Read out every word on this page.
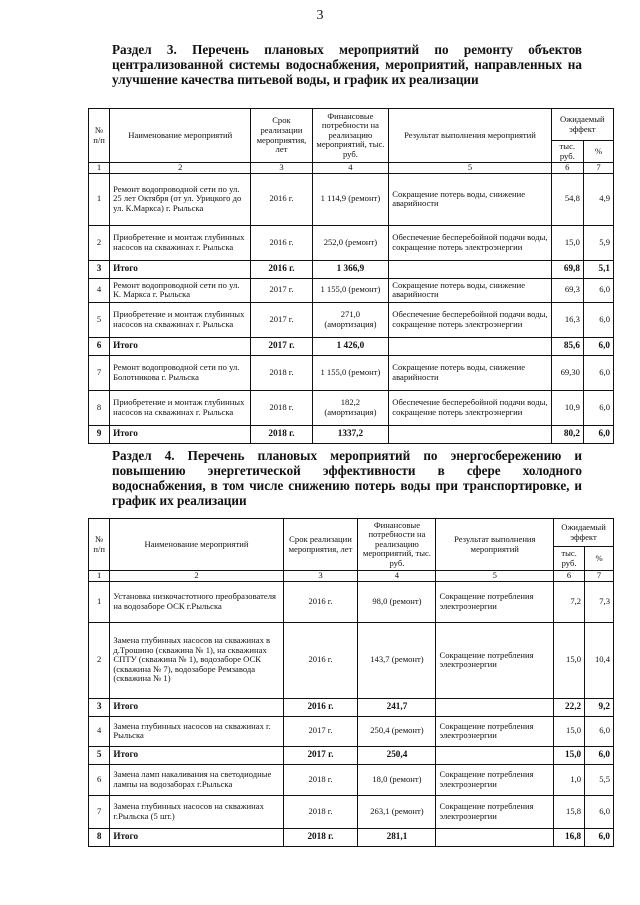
3
Раздел 3. Перечень плановых мероприятий по ремонту объектов централизованной системы водоснабжения, мероприятий, направленных на улучшение качества питьевой воды, и график их реализации
№ п/п	Наименование мероприятий	Срок реализации мероприятия, лет	Финансовые потребности на реализацию мероприятий, тыс. руб.	Результат выполнения мероприятий	Ожидаемый эффект	
					тыс. руб.	%
1	2	3	4	5	6	7
1	Ремонт водопроводной сети по ул. 25 лет Октября (от ул. Урицкого до ул. К.Маркса) г. Рыльска	2016 г.	1 114,9 (ремонт)	Сокращение потерь воды, снижение аварийности	54,8	4,9
2	Приобретение и монтаж глубинных насосов на скважинах г. Рыльска	2016 г.	252,0 (ремонт)	Обеспечение бесперебойной подачи воды, сокращение потерь электроэнергии	15,0	5,9
3	Итого	2016 г.	1 366,9		69,8	5,1
4	Ремонт водопроводной сети по ул. К. Маркса г. Рыльска	2017 г.	1 155,0 (ремонт)	Сокращение потерь воды, снижение аварийности	69,3	6,0
5	Приобретение и монтаж глубинных насосов на скважинах г. Рыльска	2017 г.	271,0 (амортизация)	Обеспечение бесперебойной подачи воды, сокращение потерь электроэнергии	16,3	6,0
6	Итого	2017 г.	1 426,0		85,6	6,0
7	Ремонт водопроводной сети по ул. Болотникова г. Рыльска	2018 г.	1 155,0 (ремонт)	Сокращение потерь воды, снижение аварийности	69,30	6,0
8	Приобретение и монтаж глубинных насосов на скважинах г. Рыльска	2018 г.	182,2 (амортизация)	Обеспечение бесперебойной подачи воды, сокращение потерь электроэнергии	10,9	6,0
9	Итого	2018 г.	1337,2		80,2	6,0
Раздел 4. Перечень плановых мероприятий по энергосбережению и повышению энергетической эффективности в сфере холодного водоснабжения, в том числе снижению потерь воды при транспортировке, и график их реализации
№ п/п	Наименование мероприятий	Срок реализации мероприятия, лет	Финансовые потребности на реализацию мероприятий, тыс. руб.	Результат выполнения мероприятий	Ожидаемый эффект	
					тыс. руб.	%
1	2	3	4	5	6	7
1	Установка низкочастотного преобразователя на водозаборе ОСК г.Рыльска	2016 г.	98,0 (ремонт)	Сокращение потребления электроэнергии	7,2	7,3
2	Замена глубинных насосов на скважинах в д.Трошино (скважина № 1), на скважинах СПТУ (скважина № 1), водозаборе ОСК (скважина № 7), водозаборе Ремзавода (скважина № 1)	2016 г.	143,7 (ремонт)	Сокращение потребления электроэнергии	15,0	10,4
3	Итого	2016 г.	241,7		22,2	9,2
4	Замена глубинных насосов на скважинах г. Рыльска	2017 г.	250,4 (ремонт)	Сокращение потребления электроэнергии	15,0	6,0
5	Итого	2017 г.	250,4		15,0	6,0
6	Замена ламп накаливания на светодиодные лампы на водозаборах г.Рыльска	2018 г.	18,0 (ремонт)	Сокращение потребления электроэнергии	1,0	5,5
7	Замена глубинных насосов на скважинах г.Рыльска (5 шт.)	2018 г.	263,1 (ремонт)	Сокращение потребления электроэнергии	15,8	6,0
8	Итого	2018 г.	281,1		16,8	6,0
